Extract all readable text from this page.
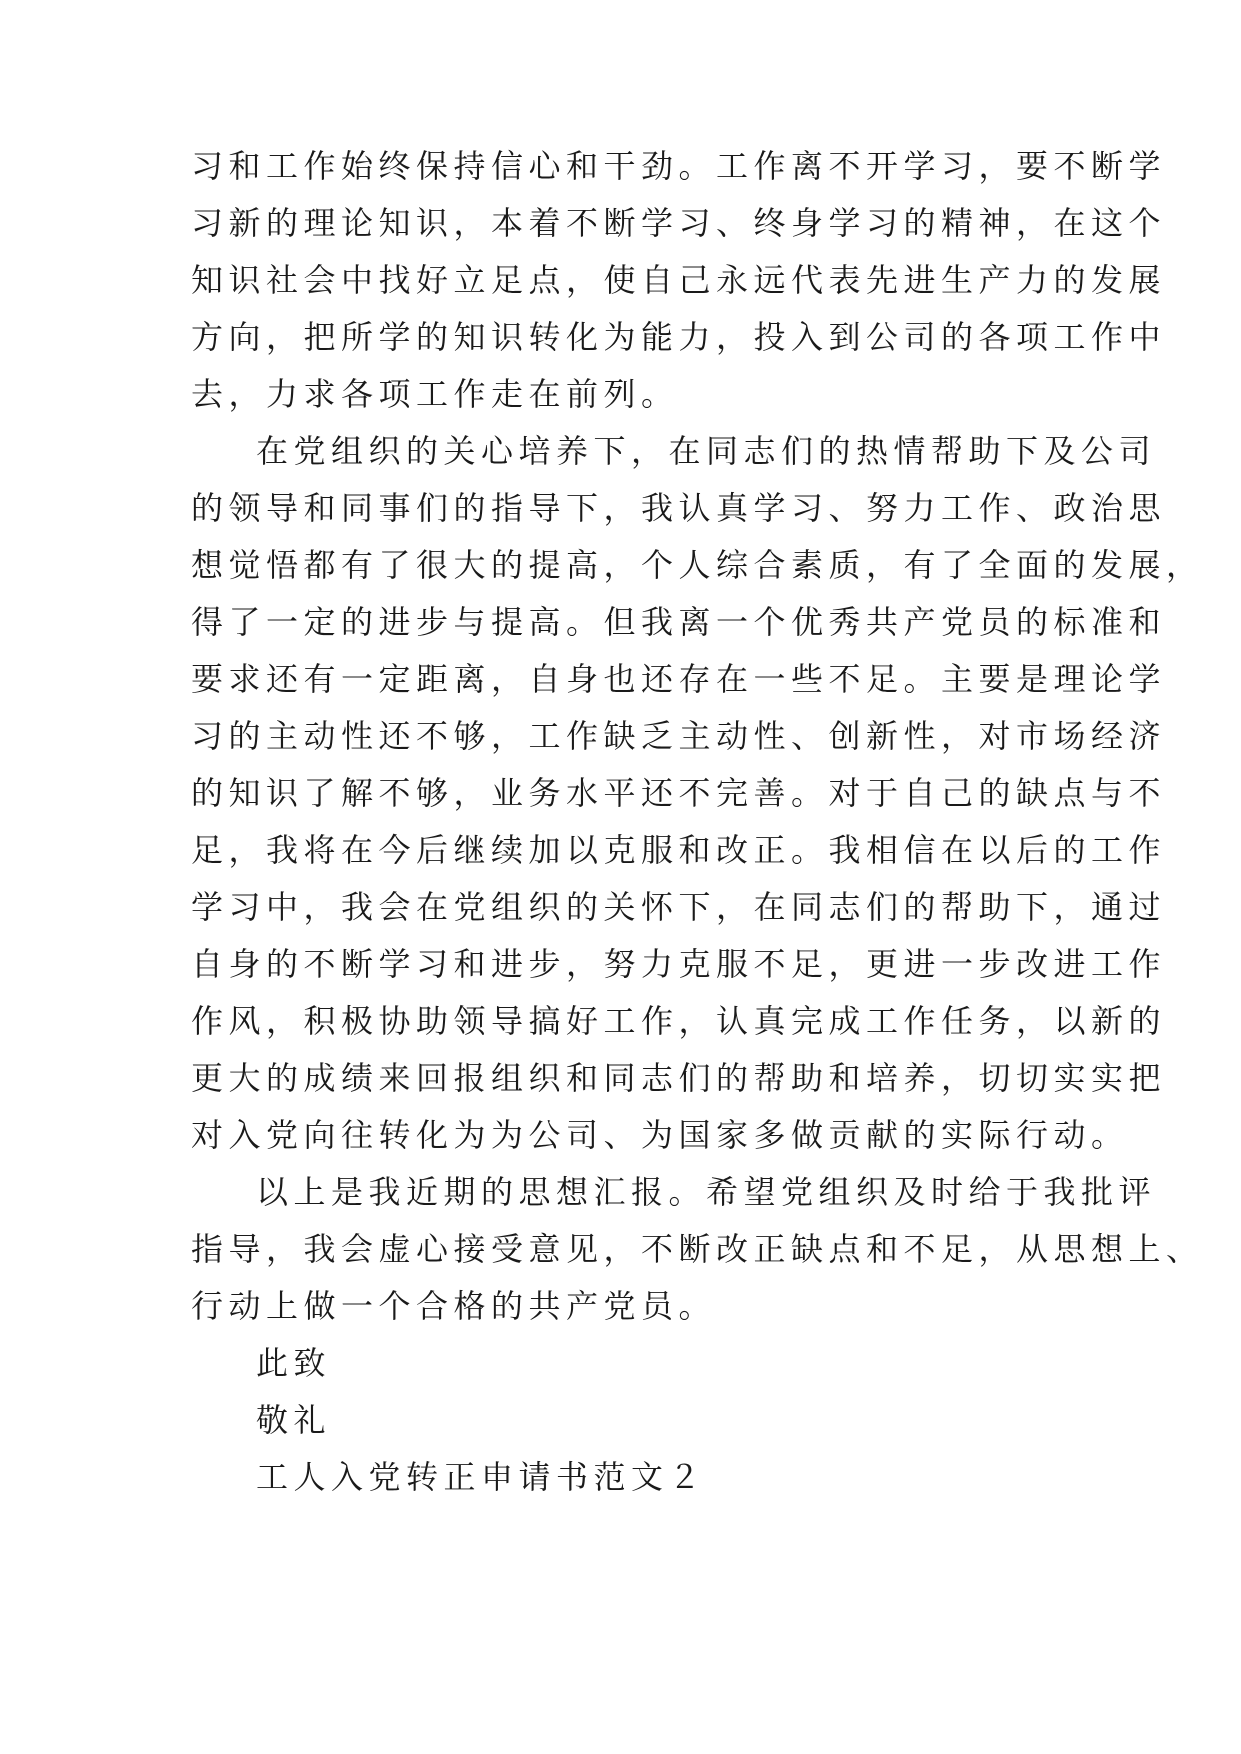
习和工作始终保持信心和干劲。工作离不开学习，要不断学
习新的理论知识，本着不断学习、终身学习的精神，在这个
知识社会中找好立足点，使自己永远代表先进生产力的发展
方向，把所学的知识转化为能力，投入到公司的各项工作中
去，力求各项工作走在前列。
在党组织的关心培养下，在同志们的热情帮助下及公司
的领导和同事们的指导下，我认真学习、努力工作、政治思
想觉悟都有了很大的提高，个人综合素质，有了全面的发展，
得了一定的进步与提高。但我离一个优秀共产党员的标准和
要求还有一定距离，自身也还存在一些不足。主要是理论学
习的主动性还不够，工作缺乏主动性、创新性，对市场经济
的知识了解不够，业务水平还不完善。对于自己的缺点与不
足，我将在今后继续加以克服和改正。我相信在以后的工作
学习中，我会在党组织的关怀下，在同志们的帮助下，通过
自身的不断学习和进步，努力克服不足，更进一步改进工作
作风，积极协助领导搞好工作，认真完成工作任务，以新的
更大的成绩来回报组织和同志们的帮助和培养，切切实实把
对入党向往转化为为公司、为国家多做贡献的实际行动。
以上是我近期的思想汇报。希望党组织及时给于我批评
指导，我会虚心接受意见，不断改正缺点和不足，从思想上、
行动上做一个合格的共产党员。
此致
敬礼
工人入党转正申请书范文２
